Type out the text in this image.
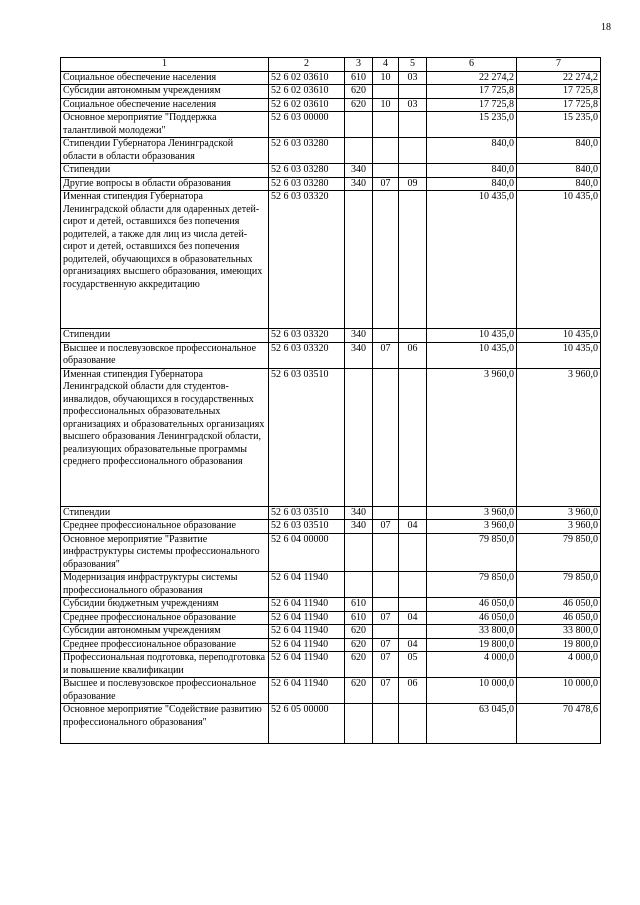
18
1	2	3	4	5	6	7

Социальное обеспечение населения	52 6 02 03610	610	10	03	22 274,2	22 274,2

Субсидии автономным учреждениям	52 6 02 03610	620			17 725,8	17 725,8

Социальное обеспечение населения	52 6 02 03610	620	10	03	17 725,8	17 725,8

Основное мероприятие "Поддержка талантливой молодежи"	52 6 03 00000				15 235,0	15 235,0

Стипендии Губернатора Ленинградской области в области образования	52 6 03 03280				840,0	840,0

Стипендии	52 6 03 03280	340			840,0	840,0

Другие вопросы в области образования	52 6 03 03280	340	07	09	840,0	840,0

Именная стипендия Губернатора Ленинградской области для одаренных детей-сирот и детей, оставшихся без попечения родителей, а также для лиц из числа детей-сирот и детей, оставшихся без попечения родителей, обучающихся в образовательных организациях высшего образования, имеющих государственную аккредитацию	52 6 03 03320				10 435,0	10 435,0

Стипендии	52 6 03 03320	340			10 435,0	10 435,0

Высшее и послевузовское профессиональное образование	52 6 03 03320	340	07	06	10 435,0	10 435,0

Именная стипендия Губернатора Ленинградской области для студентов-инвалидов, обучающихся в государственных профессиональных образовательных организациях и образовательных организациях высшего образования Ленинградской области, реализующих образовательные программы среднего профессионального образования	52 6 03 03510				3 960,0	3 960,0

Стипендии	52 6 03 03510	340			3 960,0	3 960,0

Среднее профессиональное образование	52 6 03 03510	340	07	04	3 960,0	3 960,0

Основное мероприятие "Развитие инфраструктуры системы профессионального образования"	52 6 04 00000				79 850,0	79 850,0

Модернизация инфраструктуры системы профессионального образования	52 6 04 11940				79 850,0	79 850,0

Субсидии бюджетным учреждениям	52 6 04 11940	610			46 050,0	46 050,0

Среднее профессиональное образование	52 6 04 11940	610	07	04	46 050,0	46 050,0

Субсидии автономным учреждениям	52 6 04 11940	620			33 800,0	33 800,0

Среднее профессиональное образование	52 6 04 11940	620	07	04	19 800,0	19 800,0

Профессиональная подготовка, переподготовка и повышение квалификации	52 6 04 11940	620	07	05	4 000,0	4 000,0

Высшее и послевузовское профессиональное образование	52 6 04 11940	620	07	06	10 000,0	10 000,0

Основное мероприятие "Содействие развитию профессионального образования"	52 6 05 00000				63 045,0	70 478,6
